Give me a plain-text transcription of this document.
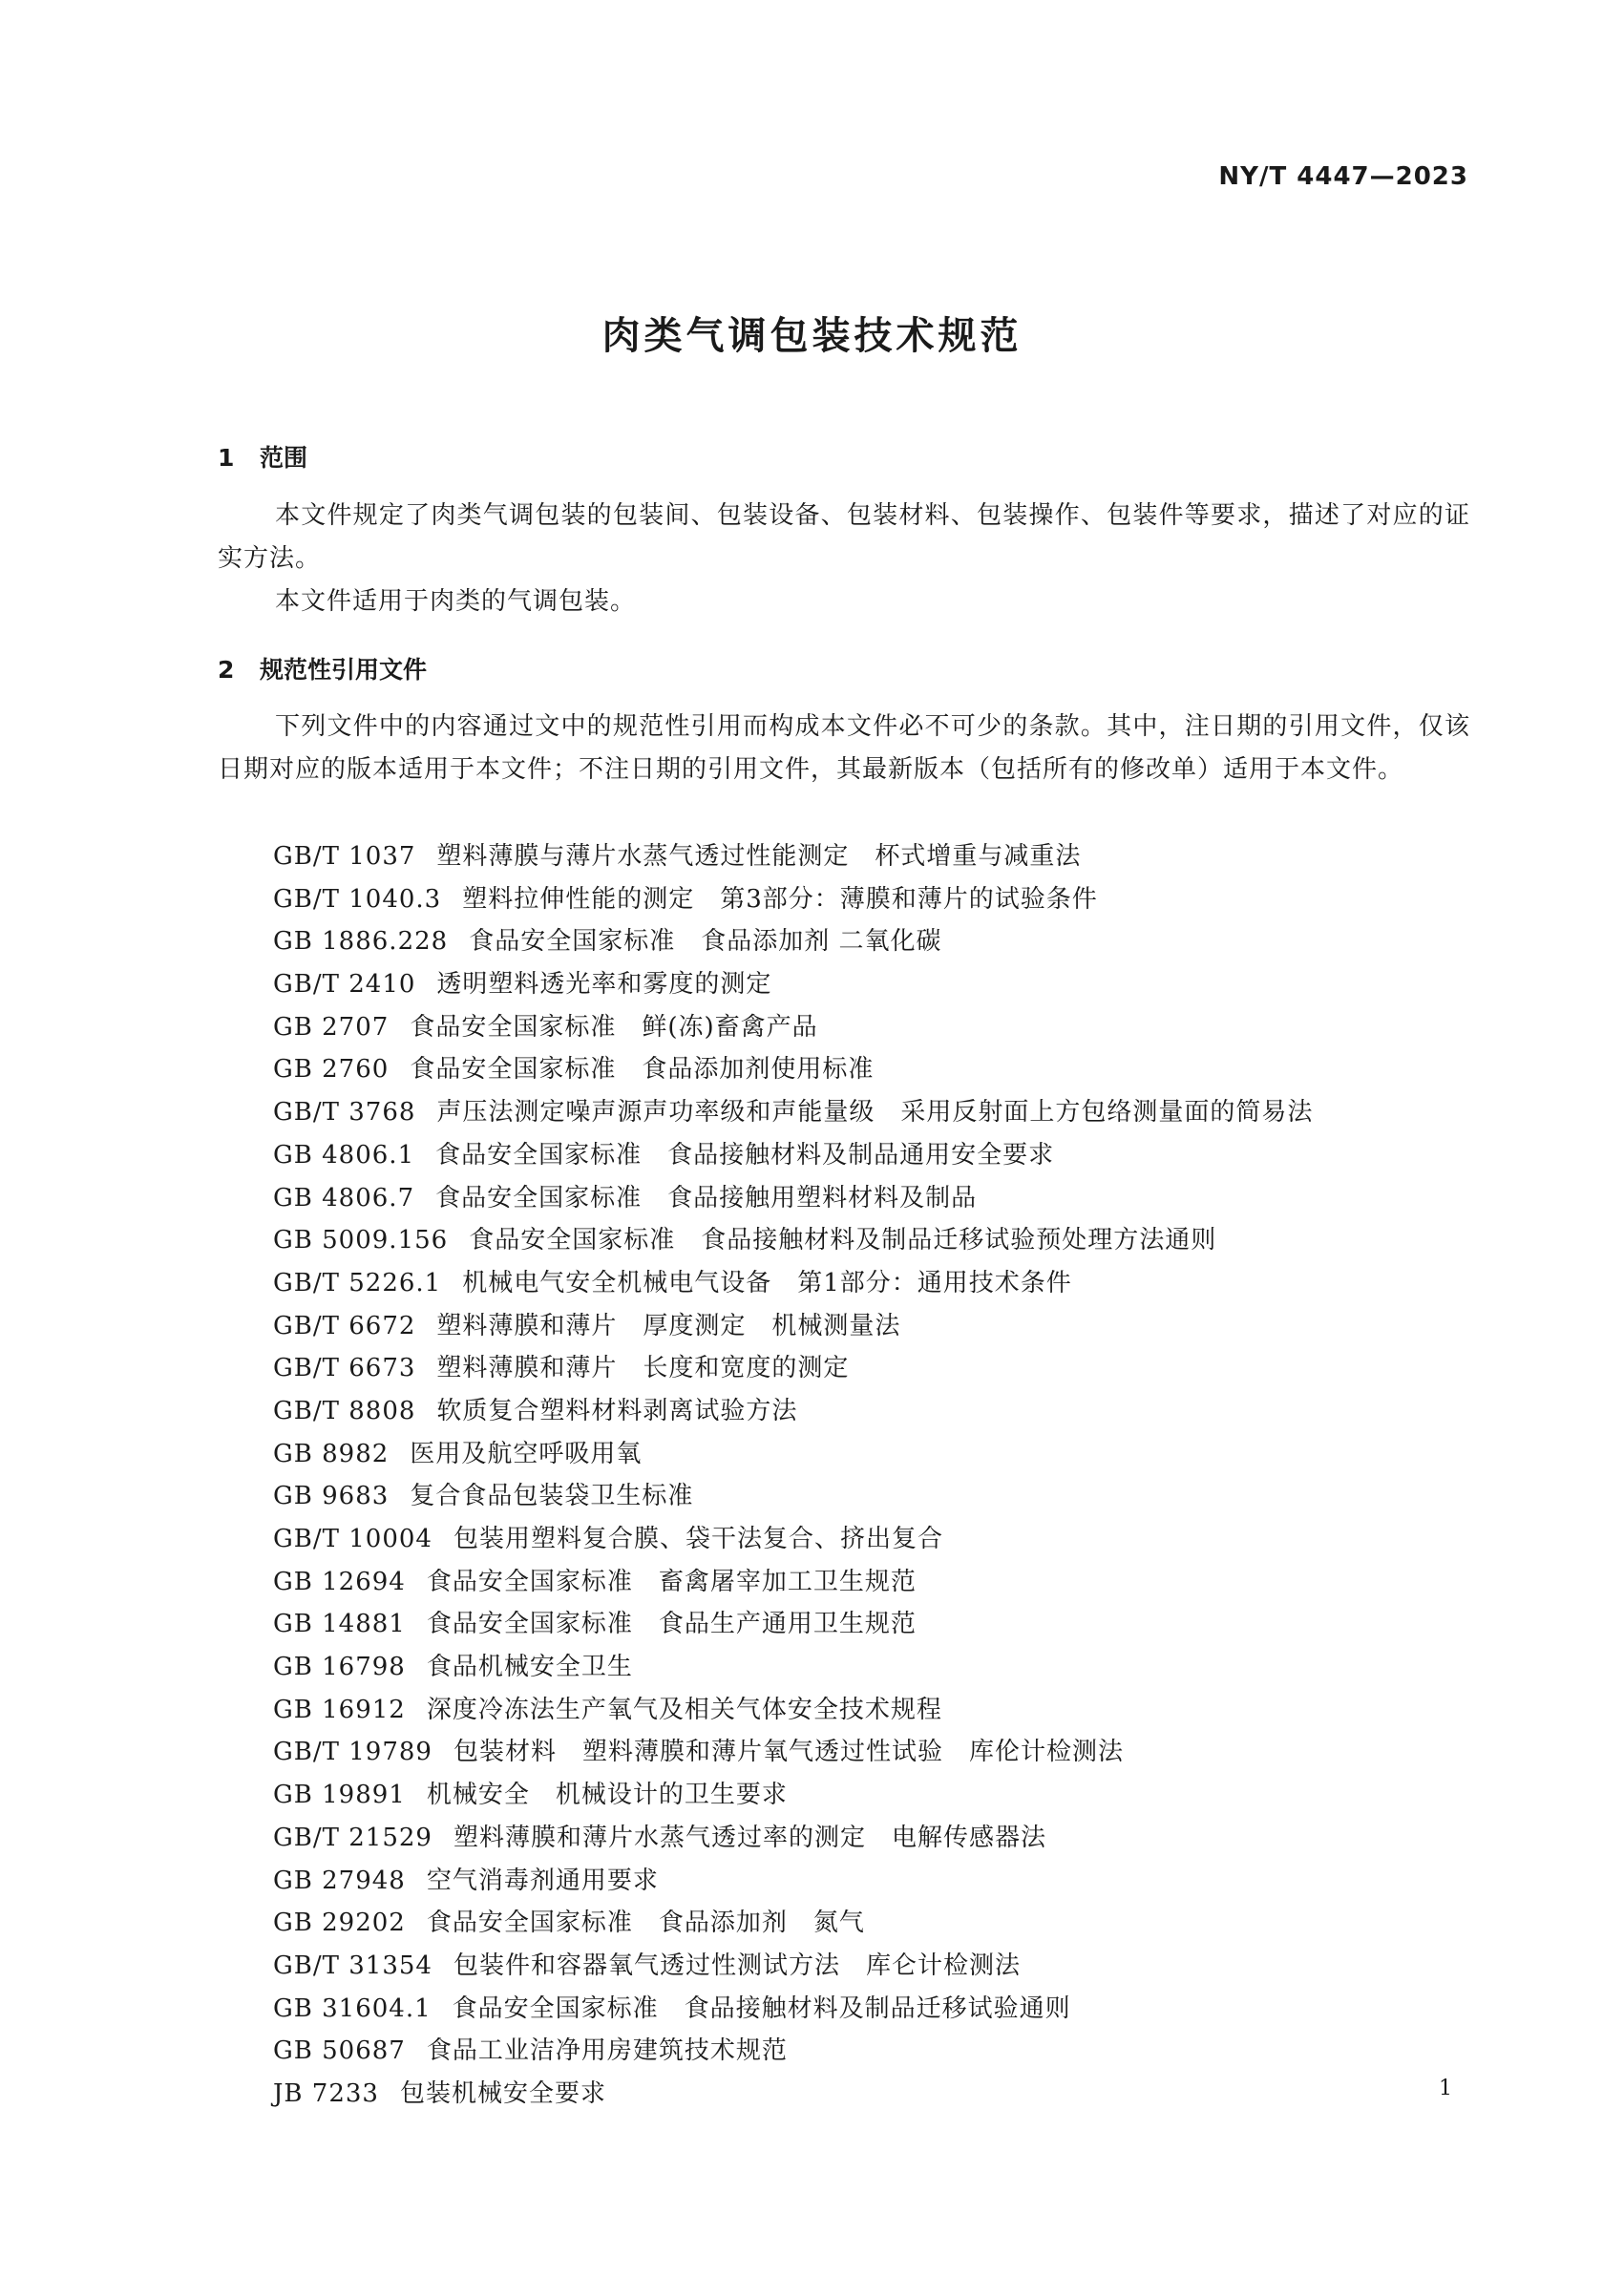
NY/T 4447—2023
肉类气调包装技术规范
1 范围
本文件规定了肉类气调包装的包装间、包装设备、包装材料、包装操作、包装件等要求，描述了对应的证实方法。
本文件适用于肉类的气调包装。
2 规范性引用文件
下列文件中的内容通过文中的规范性引用而构成本文件必不可少的条款。其中，注日期的引用文件，仅该日期对应的版本适用于本文件；不注日期的引用文件，其最新版本（包括所有的修改单）适用于本文件。
GB/T 1037 塑料薄膜与薄片水蒸气透过性能测定　杯式增重与减重法
GB/T 1040.3 塑料拉伸性能的测定　第3部分：薄膜和薄片的试验条件
GB 1886.228 食品安全国家标准　食品添加剂 二氧化碳
GB/T 2410 透明塑料透光率和雾度的测定
GB 2707 食品安全国家标准　鲜(冻)畜禽产品
GB 2760 食品安全国家标准　食品添加剂使用标准
GB/T 3768 声压法测定噪声源声功率级和声能量级　采用反射面上方包络测量面的简易法
GB 4806.1 食品安全国家标准　食品接触材料及制品通用安全要求
GB 4806.7 食品安全国家标准　食品接触用塑料材料及制品
GB 5009.156 食品安全国家标准　食品接触材料及制品迁移试验预处理方法通则
GB/T 5226.1 机械电气安全机械电气设备　第1部分：通用技术条件
GB/T 6672 塑料薄膜和薄片　厚度测定　机械测量法
GB/T 6673 塑料薄膜和薄片　长度和宽度的测定
GB/T 8808 软质复合塑料材料剥离试验方法
GB 8982 医用及航空呼吸用氧
GB 9683 复合食品包装袋卫生标准
GB/T 10004 包装用塑料复合膜、袋干法复合、挤出复合
GB 12694 食品安全国家标准　畜禽屠宰加工卫生规范
GB 14881 食品安全国家标准　食品生产通用卫生规范
GB 16798 食品机械安全卫生
GB 16912 深度冷冻法生产氧气及相关气体安全技术规程
GB/T 19789 包装材料　塑料薄膜和薄片氧气透过性试验　库伦计检测法
GB 19891 机械安全　机械设计的卫生要求
GB/T 21529 塑料薄膜和薄片水蒸气透过率的测定　电解传感器法
GB 27948 空气消毒剂通用要求
GB 29202 食品安全国家标准　食品添加剂　氮气
GB/T 31354 包装件和容器氧气透过性测试方法　库仑计检测法
GB 31604.1 食品安全国家标准　食品接触材料及制品迁移试验通则
GB 50687 食品工业洁净用房建筑技术规范
JB 7233 包装机械安全要求	1
